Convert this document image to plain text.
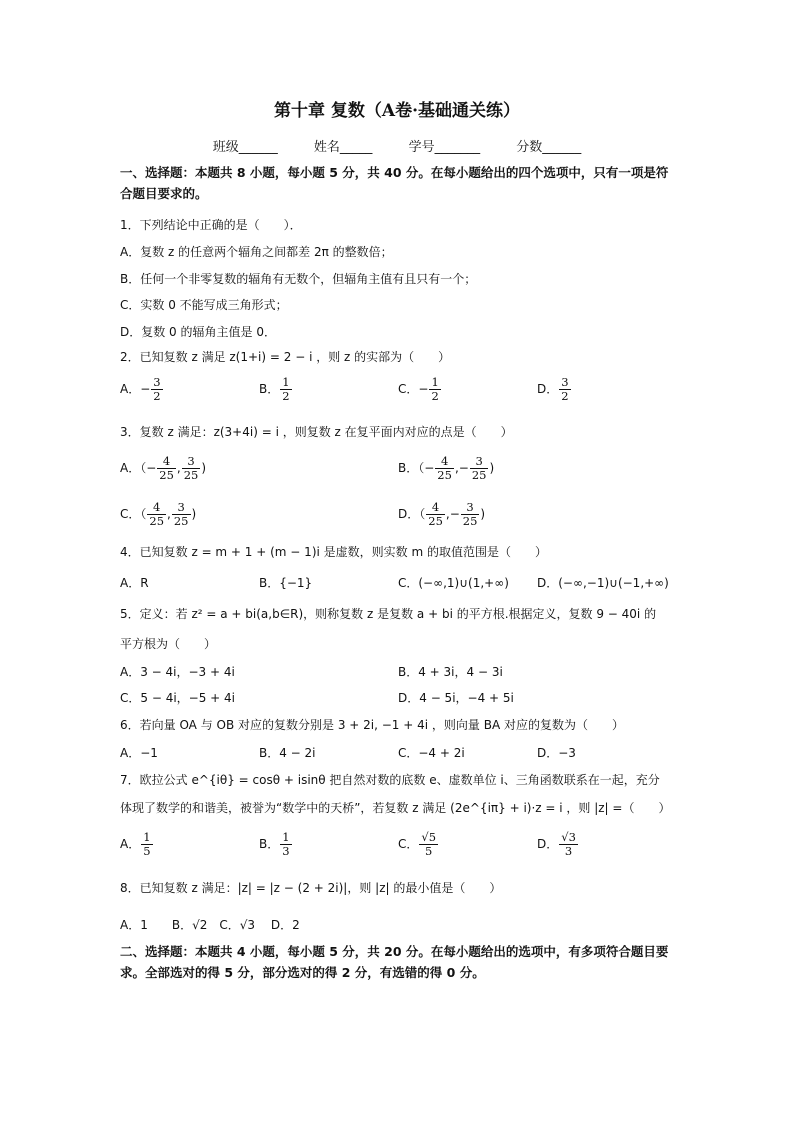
第十章 复数（A卷·基础通关练）
班级______	姓名_____	学号_______	分数______
一、选择题：本题共 8 小题，每小题 5 分，共 40 分。在每小题给出的四个选项中，只有一项是符合题目要求的。
1．下列结论中正确的是（　　）．
A．复数 z 的任意两个辐角之间都差 2π 的整数倍；
B．任何一个非零复数的辐角有无数个，但辐角主值有且只有一个；
C．实数 0 不能写成三角形式；
D．复数 0 的辐角主值是 0．
2．已知复数 z 满足 z(1+i) = 2 − i ，则 z 的实部为（　　）
A．− $\frac{3}{2}$	B． $\frac{1}{2}$	C．− $\frac{1}{2}$	D． $\frac{3}{2}$
3．复数 z 满足：z(3+4i) = i ，则复数 z 在复平面内对应的点是（　　）
A．（− $\frac{4}{25}$ , $\frac{3}{25}$ )	B．（− $\frac{4}{25}$ ,− $\frac{3}{25}$ )
C．（ $\frac{4}{25}$ , $\frac{3}{25}$ )	D．（ $\frac{4}{25}$ ,− $\frac{3}{25}$ )
4．已知复数 z = m + 1 + (m − 1)i 是虚数，则实数 m 的取值范围是（　　）
A．R	B．{−1}	C．(−∞,1)∪(1,+∞) D．(−∞,−1)∪(−1,+∞)
5．定义：若 z² = a + bi(a,b∈R)，则称复数 z 是复数 a + bi 的平方根.根据定义，复数 9 − 40i 的
平方根为（　　）
A．3 − 4i，−3 + 4i	B．4 + 3i，4 − 3i
C．5 − 4i，−5 + 4i	D．4 − 5i，−4 + 5i
6．若向量 OA 与 OB 对应的复数分别是 3 + 2i, −1 + 4i ，则向量 BA 对应的复数为（　　）
A．−1	B．4 − 2i	C．−4 + 2i	D．−3
7．欧拉公式 e^{iθ} = cosθ + isinθ 把自然对数的底数 e、虚数单位 i、三角函数联系在一起，充分
体现了数学的和谐美，被誉为“数学中的天桥”，若复数 z 满足 (2e^{iπ} + i)·z = i ，则 |z| =（　　）
A． $\frac{1}{5}$	B． $\frac{1}{3}$	C． $\frac{√5}{5}$	D． $\frac{√3}{3}$
8．已知复数 z 满足：|z| = |z − (2 + 2i)|，则 |z| 的最小值是（　　）
A．1　　B．√2　C．√3　 D．2
二、选择题：本题共 4 小题，每小题 5 分，共 20 分。在每小题给出的选项中，有多项符合题目要求。全部选对的得 5 分，部分选对的得 2 分，有选错的得 0 分。
